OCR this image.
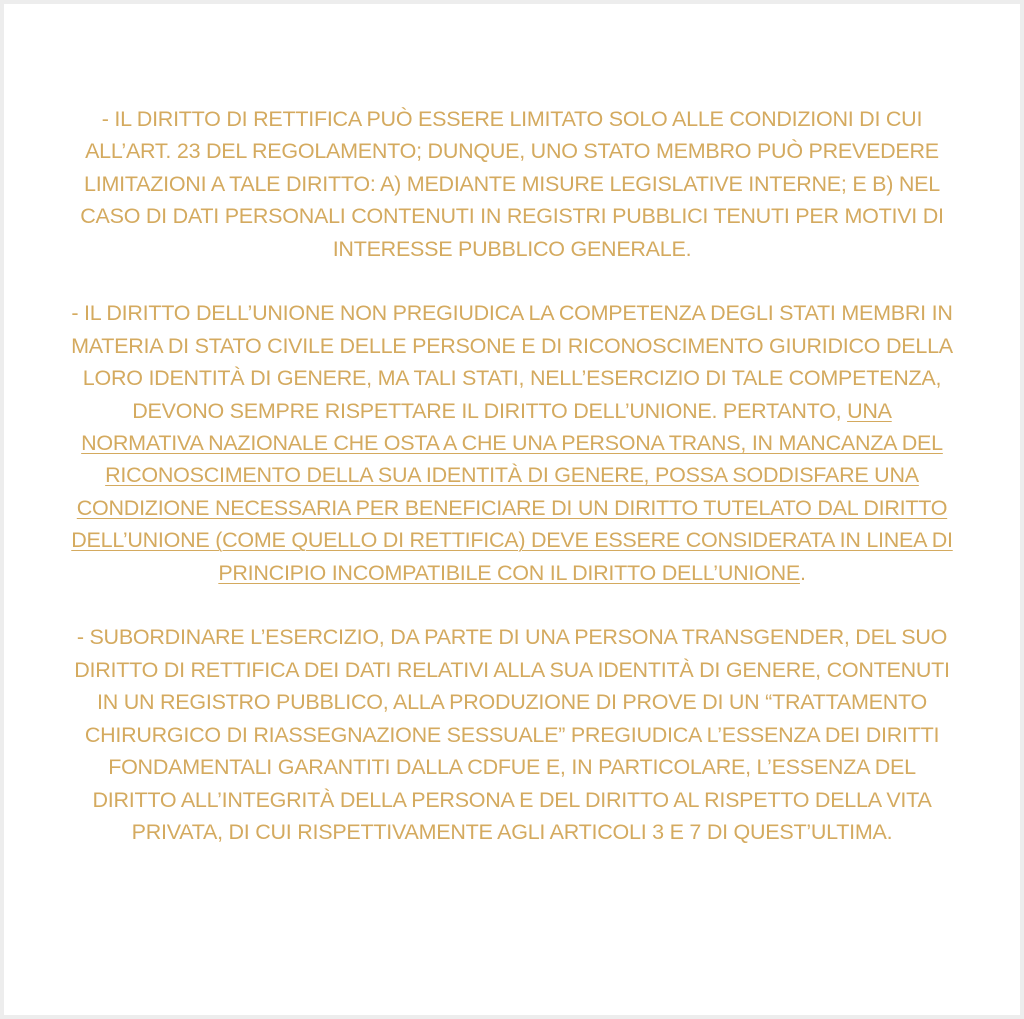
- IL DIRITTO DI RETTIFICA PUÒ ESSERE LIMITATO SOLO ALLE CONDIZIONI DI CUI ALL’ART. 23 DEL REGOLAMENTO; DUNQUE, UNO STATO MEMBRO PUÒ PREVEDERE LIMITAZIONI A TALE DIRITTO: A) MEDIANTE MISURE LEGISLATIVE INTERNE; E B) NEL CASO DI DATI PERSONALI CONTENUTI IN REGISTRI PUBBLICI TENUTI PER MOTIVI DI INTERESSE PUBBLICO GENERALE.

- IL DIRITTO DELL’UNIONE NON PREGIUDICA LA COMPETENZA DEGLI STATI MEMBRI IN MATERIA DI STATO CIVILE DELLE PERSONE E DI RICONOSCIMENTO GIURIDICO DELLA LORO IDENTITÀ DI GENERE, MA TALI STATI, NELL’ESERCIZIO DI TALE COMPETENZA, DEVONO SEMPRE RISPETTARE IL DIRITTO DELL’UNIONE. PERTANTO, UNA NORMATIVA NAZIONALE CHE OSTA A CHE UNA PERSONA TRANS, IN MANCANZA DEL RICONOSCIMENTO DELLA SUA IDENTITÀ DI GENERE, POSSA SODDISFARE UNA CONDIZIONE NECESSARIA PER BENEFICIARE DI UN DIRITTO TUTELATO DAL DIRITTO DELL’UNIONE (COME QUELLO DI RETTIFICA) DEVE ESSERE CONSIDERATA IN LINEA DI PRINCIPIO INCOMPATIBILE CON IL DIRITTO DELL’UNIONE.

- SUBORDINARE L’ESERCIZIO, DA PARTE DI UNA PERSONA TRANSGENDER, DEL SUO DIRITTO DI RETTIFICA DEI DATI RELATIVI ALLA SUA IDENTITÀ DI GENERE, CONTENUTI IN UN REGISTRO PUBBLICO, ALLA PRODUZIONE DI PROVE DI UN “TRATTAMENTO CHIRURGICO DI RIASSEGNAZIONE SESSUALE” PREGIUDICA L’ESSENZA DEI DIRITTI FONDAMENTALI GARANTITI DALLA CDFUE E, IN PARTICOLARE, L’ESSENZA DEL DIRITTO ALL’INTEGRITÀ DELLA PERSONA E DEL DIRITTO AL RISPETTO DELLA VITA PRIVATA, DI CUI RISPETTIVAMENTE AGLI ARTICOLI 3 E 7 DI QUEST’ULTIMA.
